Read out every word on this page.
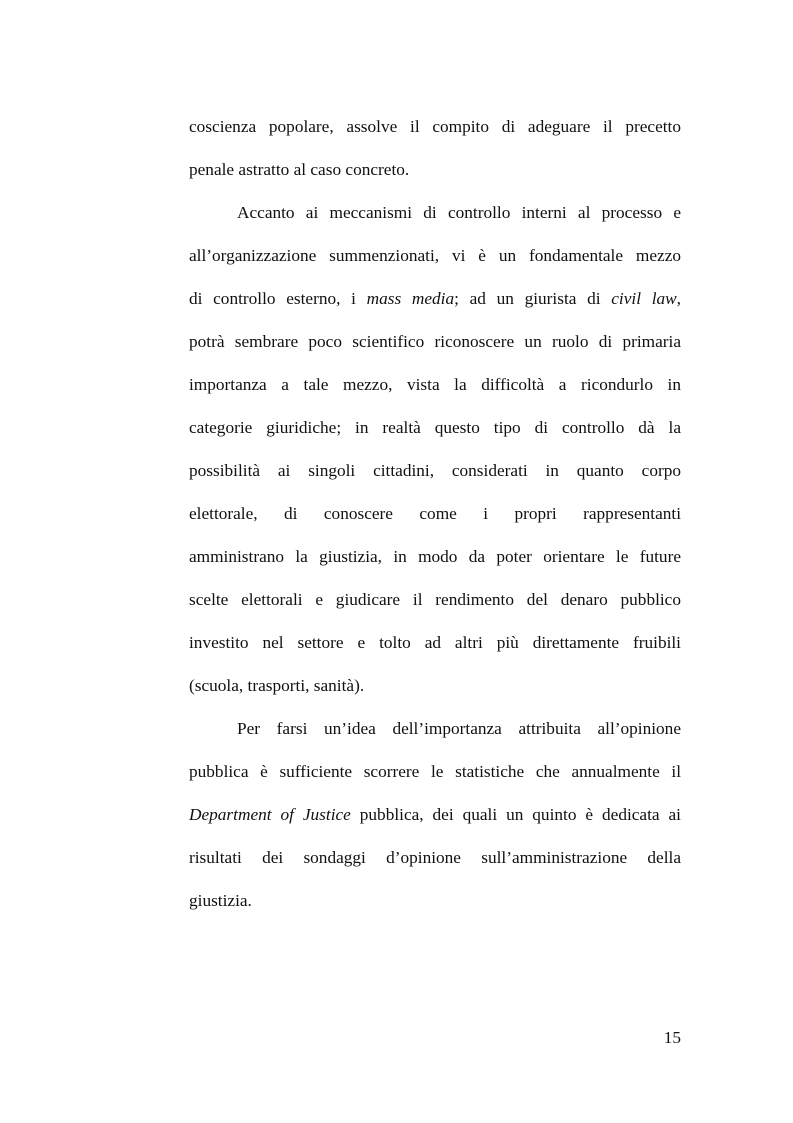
coscienza popolare, assolve il compito di adeguare il precetto
penale astratto al caso concreto.
Accanto ai meccanismi di controllo interni al processo e
all’organizzazione summenzionati, vi è un fondamentale mezzo
di controllo esterno, i mass media; ad un giurista di civil law,
potrà sembrare poco scientifico riconoscere un ruolo di primaria
importanza a tale mezzo, vista la difficoltà a ricondurlo in
categorie giuridiche; in realtà questo tipo di controllo dà la
possibilità ai singoli cittadini, considerati in quanto corpo
elettorale, di conoscere come i propri rappresentanti
amministrano la giustizia, in modo da poter orientare le future
scelte elettorali e giudicare il rendimento del denaro pubblico
investito nel settore e tolto ad altri più direttamente fruibili
(scuola, trasporti, sanità).
Per farsi un’idea dell’importanza attribuita all’opinione
pubblica è sufficiente scorrere le statistiche che annualmente il
Department of Justice pubblica, dei quali un quinto è dedicata ai
risultati dei sondaggi d’opinione sull’amministrazione della
giustizia.
15
